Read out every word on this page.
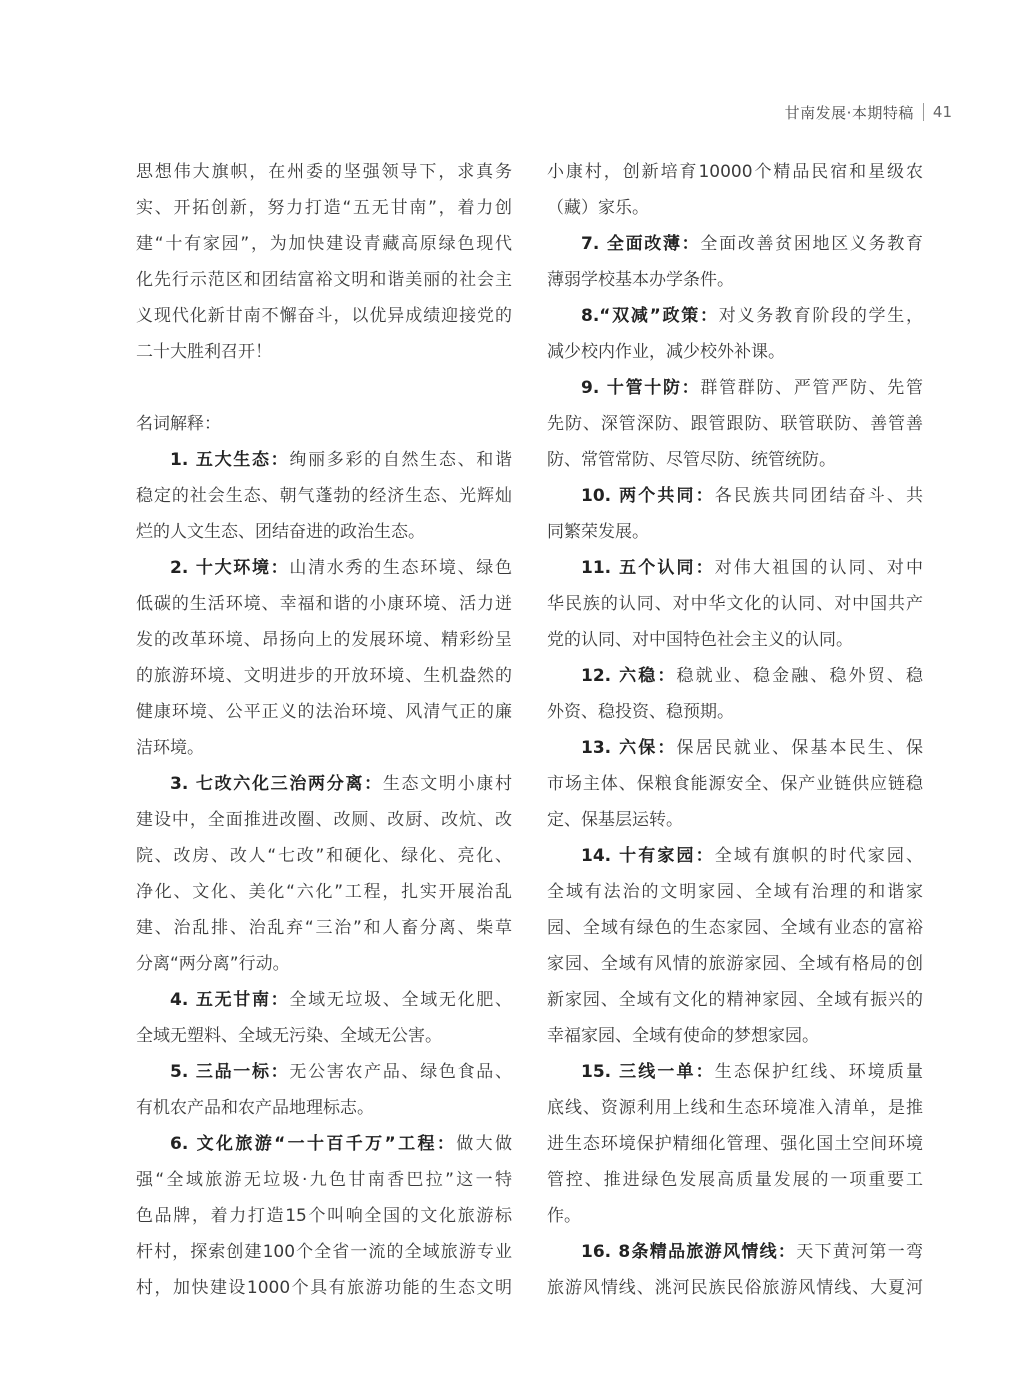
甘南发展·本期特稿 41
思想伟大旗帜，在州委的坚强领导下，求真务
实、开拓创新，努力打造“五无甘南”，着力创
建“十有家园”，为加快建设青藏高原绿色现代
化先行示范区和团结富裕文明和谐美丽的社会主
义现代化新甘南不懈奋斗，以优异成绩迎接党的
二十大胜利召开！
名词解释：
1. 五大生态：绚丽多彩的自然生态、和谐
稳定的社会生态、朝气蓬勃的经济生态、光辉灿
烂的人文生态、团结奋进的政治生态。
2. 十大环境：山清水秀的生态环境、绿色
低碳的生活环境、幸福和谐的小康环境、活力迸
发的改革环境、昂扬向上的发展环境、精彩纷呈
的旅游环境、文明进步的开放环境、生机盎然的
健康环境、公平正义的法治环境、风清气正的廉
洁环境。
3. 七改六化三治两分离：生态文明小康村
建设中，全面推进改圈、改厕、改厨、改炕、改
院、改房、改人“七改”和硬化、绿化、亮化、
净化、文化、美化“六化”工程，扎实开展治乱
建、治乱排、治乱弃“三治”和人畜分离、柴草
分离“两分离”行动。
4. 五无甘南：全域无垃圾、全域无化肥、
全域无塑料、全域无污染、全域无公害。
5. 三品一标：无公害农产品、绿色食品、
有机农产品和农产品地理标志。
6. 文化旅游“一十百千万”工程：做大做
强“全域旅游无垃圾·九色甘南香巴拉”这一特
色品牌，着力打造15个叫响全国的文化旅游标
杆村，探索创建100个全省一流的全域旅游专业
村，加快建设1000个具有旅游功能的生态文明
小康村，创新培育10000个精品民宿和星级农
（藏）家乐。
7. 全面改薄：全面改善贫困地区义务教育
薄弱学校基本办学条件。
8.“双减”政策：对义务教育阶段的学生，
减少校内作业，减少校外补课。
9. 十管十防：群管群防、严管严防、先管
先防、深管深防、跟管跟防、联管联防、善管善
防、常管常防、尽管尽防、统管统防。
10. 两个共同：各民族共同团结奋斗、共
同繁荣发展。
11. 五个认同：对伟大祖国的认同、对中
华民族的认同、对中华文化的认同、对中国共产
党的认同、对中国特色社会主义的认同。
12. 六稳：稳就业、稳金融、稳外贸、稳
外资、稳投资、稳预期。
13. 六保：保居民就业、保基本民生、保
市场主体、保粮食能源安全、保产业链供应链稳
定、保基层运转。
14. 十有家园：全域有旗帜的时代家园、
全域有法治的文明家园、全域有治理的和谐家
园、全域有绿色的生态家园、全域有业态的富裕
家园、全域有风情的旅游家园、全域有格局的创
新家园、全域有文化的精神家园、全域有振兴的
幸福家园、全域有使命的梦想家园。
15. 三线一单：生态保护红线、环境质量
底线、资源利用上线和生态环境准入清单，是推
进生态环境保护精细化管理、强化国土空间环境
管控、推进绿色发展高质量发展的一项重要工
作。
16. 8条精品旅游风情线：天下黄河第一弯
旅游风情线、洮河民族民俗旅游风情线、大夏河
